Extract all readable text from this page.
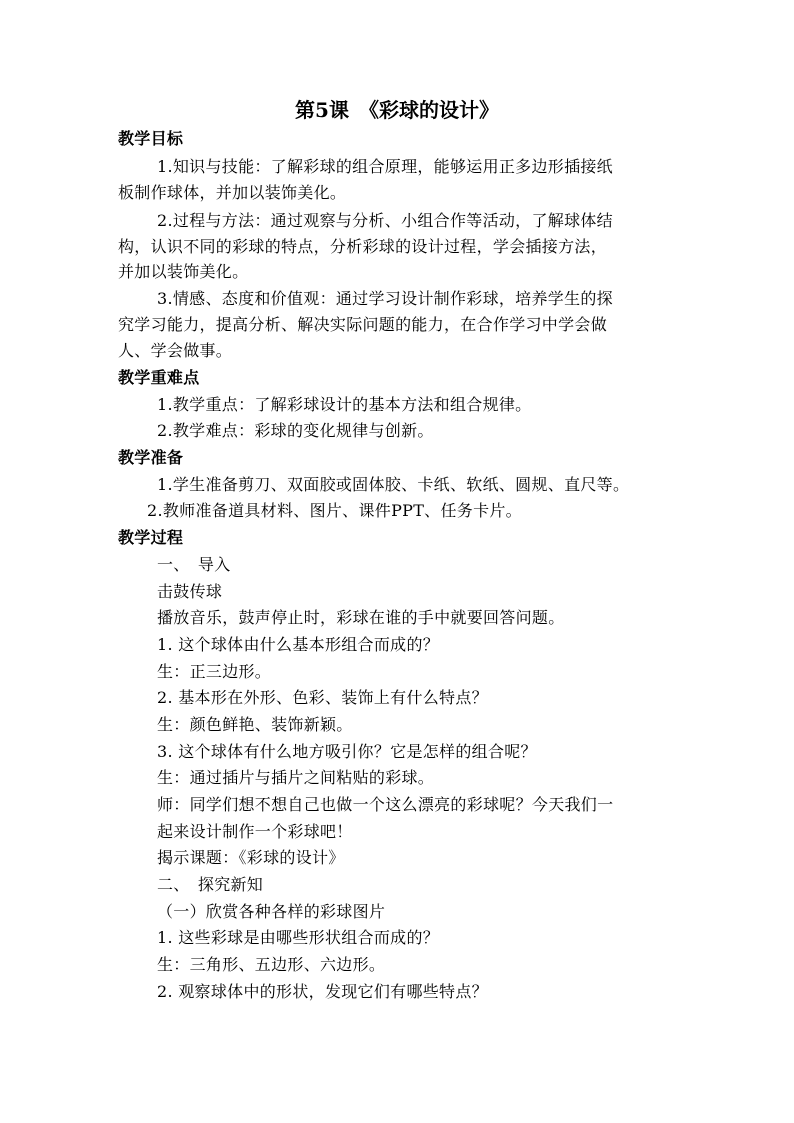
第5课　《彩球的设计》
教学目标
1.知识与技能：了解彩球的组合原理，能够运用正多边形插接纸
板制作球体，并加以装饰美化。
2.过程与方法：通过观察与分析、小组合作等活动，了解球体结
构，认识不同的彩球的特点，分析彩球的设计过程，学会插接方法，
并加以装饰美化。
3.情感、态度和价值观：通过学习设计制作彩球，培养学生的探
究学习能力，提高分析、解决实际问题的能力，在合作学习中学会做
人、学会做事。
教学重难点
1.教学重点：了解彩球设计的基本方法和组合规律。
2.教学难点：彩球的变化规律与创新。
教学准备
1.学生准备剪刀、双面胶或固体胶、卡纸、软纸、圆规、直尺等。
2.教师准备道具材料、图片、课件PPT、任务卡片。
教学过程
一、　导入
击鼓传球
播放音乐，鼓声停止时，彩球在谁的手中就要回答问题。
1. 这个球体由什么基本形组合而成的？
生：正三边形。
2. 基本形在外形、色彩、装饰上有什么特点？
生：颜色鲜艳、装饰新颖。
3. 这个球体有什么地方吸引你？它是怎样的组合呢？
生：通过插片与插片之间粘贴的彩球。
师：同学们想不想自己也做一个这么漂亮的彩球呢？今天我们一
起来设计制作一个彩球吧！
揭示课题：《彩球的设计》
二、　探究新知
（一）欣赏各种各样的彩球图片
1. 这些彩球是由哪些形状组合而成的？
生：三角形、五边形、六边形。
2. 观察球体中的形状，发现它们有哪些特点？
